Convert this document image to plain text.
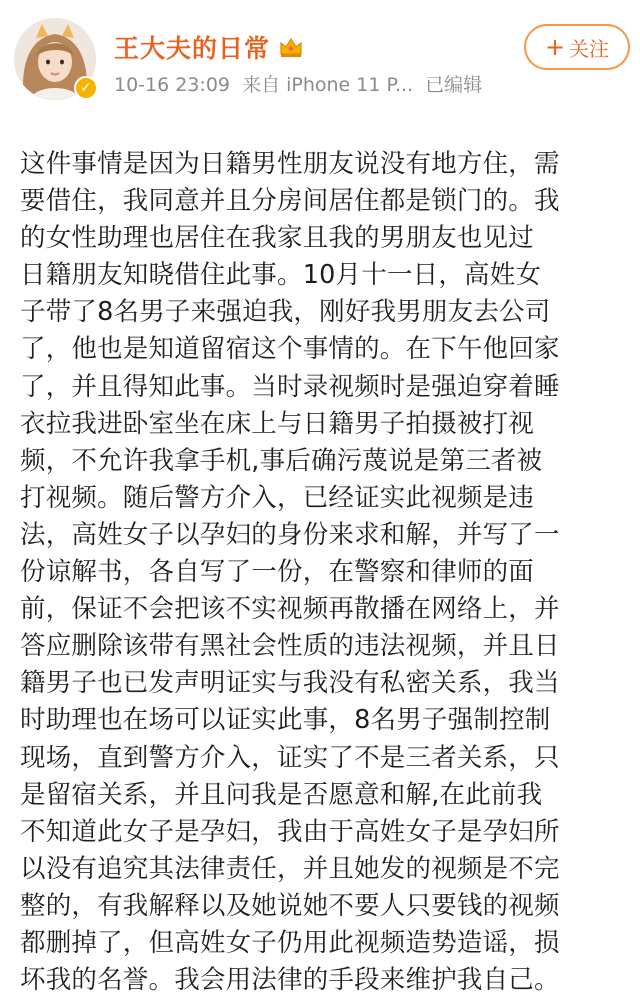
✓
王大夫的日常
10-16 23:09 来自 iPhone 11 P... 已编辑
+ 关注
这件事情是因为日籍男性朋友说没有地方住，需
要借住，我同意并且分房间居住都是锁门的。我
的女性助理也居住在我家且我的男朋友也见过
日籍朋友知晓借住此事。10月十一日，高姓女
子带了8名男子来强迫我，刚好我男朋友去公司
了，他也是知道留宿这个事情的。在下午他回家
了，并且得知此事。当时录视频时是强迫穿着睡
衣拉我进卧室坐在床上与日籍男子拍摄被打视
频，不允许我拿手机,事后确污蔑说是第三者被
打视频。随后警方介入，已经证实此视频是违
法，高姓女子以孕妇的身份来求和解，并写了一
份谅解书，各自写了一份，在警察和律师的面
前，保证不会把该不实视频再散播在网络上，并
答应删除该带有黑社会性质的违法视频，并且日
籍男子也已发声明证实与我没有私密关系，我当
时助理也在场可以证实此事，8名男子强制控制
现场，直到警方介入，证实了不是三者关系，只
是留宿关系，并且问我是否愿意和解,在此前我
不知道此女子是孕妇，我由于高姓女子是孕妇所
以没有追究其法律责任，并且她发的视频是不完
整的，有我解释以及她说她不要人只要钱的视频
都删掉了，但高姓女子仍用此视频造势造谣，损
坏我的名誉。我会用法律的手段来维护我自己。
